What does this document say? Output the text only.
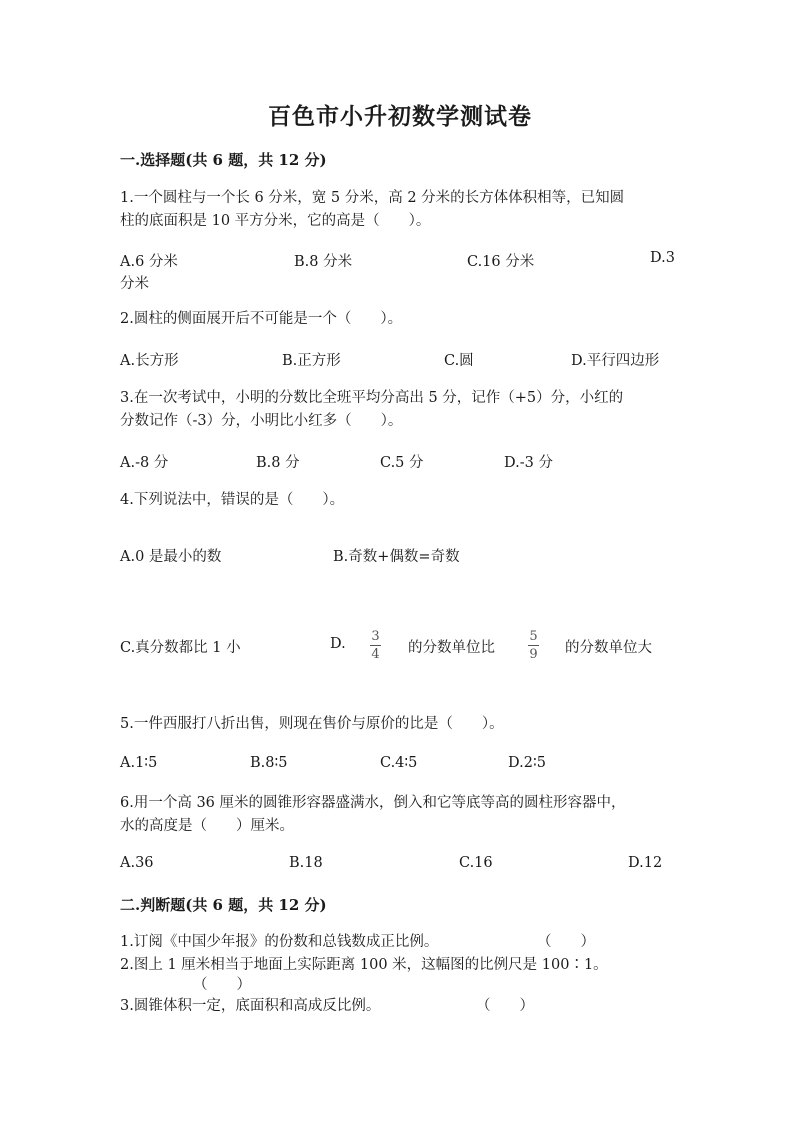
百色市小升初数学测试卷
一.选择题(共 6 题，共 12 分)
1.一个圆柱与一个长 6 分米，宽 5 分米，高 2 分米的长方体体积相等，已知圆
柱的底面积是 10 平方分米，它的高是（　　）。
A.6 分米	B.8 分米	C.16 分米	D.3
分米
2.圆柱的侧面展开后不可能是一个（　　）。
A.长方形	B.正方形	C.圆	D.平行四边形
3.在一次考试中，小明的分数比全班平均分高出 5 分，记作（+5）分，小红的
分数记作（-3）分，小明比小红多（　　）。
A.-8 分	B.8 分	C.5 分	D.-3 分
4.下列说法中，错误的是（　　）。
A.0 是最小的数	B.奇数+偶数=奇数
C.真分数都比 1 小	D. 3
4 的分数单位比
5
9 的分数单位大
5.一件西服打八折出售，则现在售价与原价的比是（　　）。
A.1∶5	B.8∶5	C.4∶5	D.2∶5
6.用一个高 36 厘米的圆锥形容器盛满水，倒入和它等底等高的圆柱形容器中，
水的高度是（　　）厘米。
A.36	B.18	C.16	D.12
二.判断题(共 6 题，共 12 分)
1.订阅《中国少年报》的份数和总钱数成正比例。	（　　）
2.图上 1 厘米相当于地面上实际距离 100 米，这幅图的比例尺是 100∶1。
（　　）
3.圆锥体积一定，底面积和高成反比例。	（　　）
